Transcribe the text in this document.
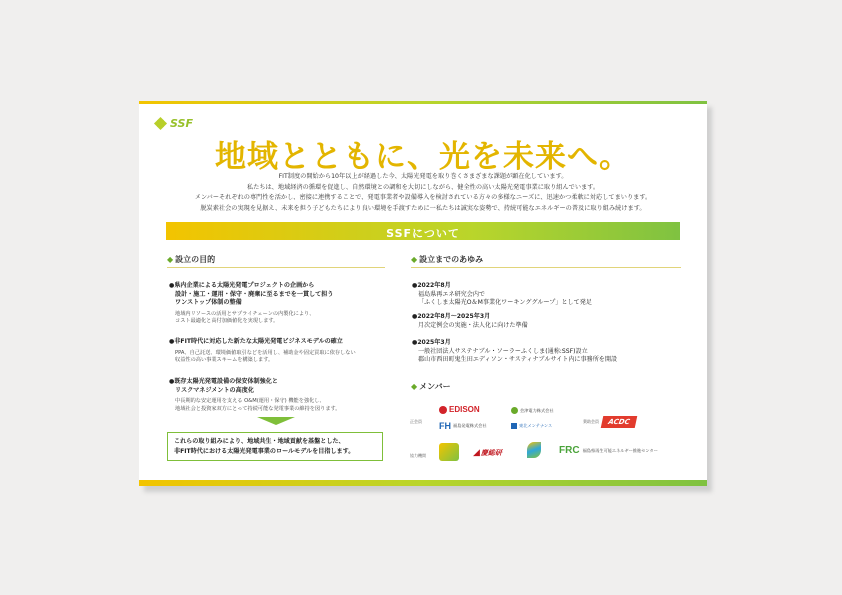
SSF
地域とともに、光を未来へ。
FIT制度の開始から10年以上が経過した今、太陽光発電を取り巻くさまざまな課題が顕在化しています。
私たちは、地域経済の循環を促進し、自然環境との調和を大切にしながら、健全性の高い太陽光発電事業に取り組んでいます。
メンバーそれぞれの専門性を活かし、密接に連携することで、発電事業者や設備導入を検討されている方々の多様なニーズに、迅速かつ柔軟に対応してまいります。
脱炭素社会の実現を見据え、未来を担う子どもたちにより良い環境を手渡すために一私たちは誠実な姿勢で、持続可能なエネルギーの普及に取り組み続けます。
SSFについて
◆ 設立の目的
●県内企業による太陽光発電プロジェクトの企画から
設計・施工・運用・保守・廃棄に至るまでを一貫して担う
ワンストップ体制の整備
地域内リソースの活用とサプライチェーンの内製化により、
コスト最適化と高付加価値化を実現します。
●非FIT時代に対応した新たな太陽光発電ビジネスモデルの確立
PPA、自己託送、環境価値取引などを活用し、補助金や固定買取に依存しない
収益性の高い事業スキームを構築します。
●既存太陽光発電設備の保安体制強化と
リスクマネジメントの高度化
中長期的な安定運用を支える O&M(運用・保守) 機能を強化し、
地域社会と投資家双方にとって持続可能な発電事業の維持を図ります。
これらの取り組みにより、地域共生・地域貢献を基盤とした、
非FIT時代における太陽光発電事業のロールモデルを目指します。
◆ 設立までのあゆみ
●2022年8月
福島県再エネ研究会内で
「ふくしま太陽光O＆M事業化ワーキンググループ」として発足
●2022年8月～2025年3月
月次定例会の実施・法人化に向けた準備
●2025年3月
一般社団法人サステナブル・ソーラーふくしま(通称:SSF)設立
郡山市西田町鬼生田エディソン・サスティナブルサイト内に事務所を開設
◆ メンバー
正会員	賛助会員
協力機関
EDISON	会津電力株式会社
ACDC
FH 福島発電株式会社	東北メンテナンス
◢ 慶総研	FRC 福島県再生可能エネルギー推進センター
